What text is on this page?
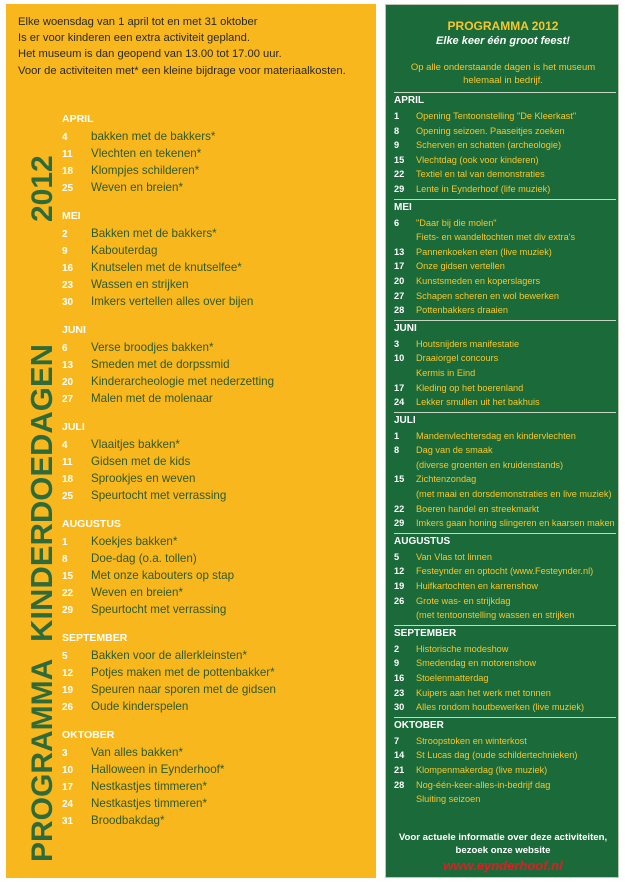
Elke woensdag van 1 april tot en met 31 oktober
Is er voor kinderen een extra activiteit gepland.
Het museum is dan geopend van 13.00 tot 17.00 uur.
Voor de activiteiten met* een kleine bijdrage voor materiaalkosten.
PROGRAMMA
KINDERDOEDAGEN
2012
APRIL
4 bakken met de bakkers*
11 Vlechten en tekenen*
18 Klompjes schilderen*
25 Weven en breien*
MEI
2 Bakken met de bakkers*
9 Kabouterdag
16 Knutselen met de knutselfee*
23 Wassen en strijken
30 Imkers vertellen alles over bijen
JUNI
6 Verse broodjes bakken*
13 Smeden met de dorpssmid
20 Kinderarcheologie met nederzetting
27 Malen met de molenaar
JULI
4 Vlaaitjes bakken*
11 Gidsen met de kids
18 Sprookjes en weven
25 Speurtocht met verrassing
AUGUSTUS
1 Koekjes bakken*
8 Doe-dag (o.a. tollen)
15 Met onze kabouters op stap
22 Weven en breien*
29 Speurtocht met verrassing
SEPTEMBER
5 Bakken voor de allerkleinsten*
12 Potjes maken met de pottenbakker*
19 Speuren naar sporen met de gidsen
26 Oude kinderspelen
OKTOBER
3 Van alles bakken*
10 Halloween in Eynderhoof*
17 Nestkastjes timmeren*
24 Nestkastjes timmeren*
31 Broodbakdag*
PROGRAMMA 2012
Elke keer één groot feest!
Op alle onderstaande dagen is het museum
helemaal in bedrijf.
APRIL
1 Opening Tentoonstelling "De Kleerkast"
8 Opening seizoen. Paaseitjes zoeken
9 Scherven en schatten (archeologie)
15 Vlechtdag (ook voor kinderen)
22 Textiel en tal van demonstraties
29 Lente in Eynderhoof (life muziek)
MEI
6 "Daar bij die molen"
Fiets- en wandeltochten met div extra's
13 Pannenkoeken eten (live muziek)
17 Onze gidsen vertellen
20 Kunstsmeden en koperslagers
27 Schapen scheren en wol bewerken
28 Pottenbakkers draaien
JUNI
3 Houtsnijders manifestatie
10 Draaiorgel concours
Kermis in Eind
17 Kleding op het boerenland
24 Lekker smullen uit het bakhuis
JULI
1 Mandenvlechtersdag en kindervlechten
8 Dag van de smaak
(diverse groenten en kruidenstands)
15 Zichtenzondag
(met maai en dorsdemonstraties en live muziek)
22 Boeren handel en streekmarkt
29 Imkers gaan honing slingeren en kaarsen maken
AUGUSTUS
5 Van Vlas tot linnen
12 Festeynder en optocht (www.Festeynder.nl)
19 Huifkartochten en karrenshow
26 Grote was- en strijkdag
(met tentoonstelling wassen en strijken
SEPTEMBER
2 Historische modeshow
9 Smedendag en motorenshow
16 Stoelenmatterdag
23 Kuipers aan het werk met tonnen
30 Alles rondom houtbewerken (live muziek)
OKTOBER
7 Stroopstoken en winterkost
14 St Lucas dag (oude schildertechnieken)
21 Klompenmakerdag (live muziek)
28 Nog-één-keer-alles-in-bedrijf dag
Sluiting seizoen
Voor actuele informatie over deze activiteiten,
bezoek onze website
www.eynderhoof.nl
